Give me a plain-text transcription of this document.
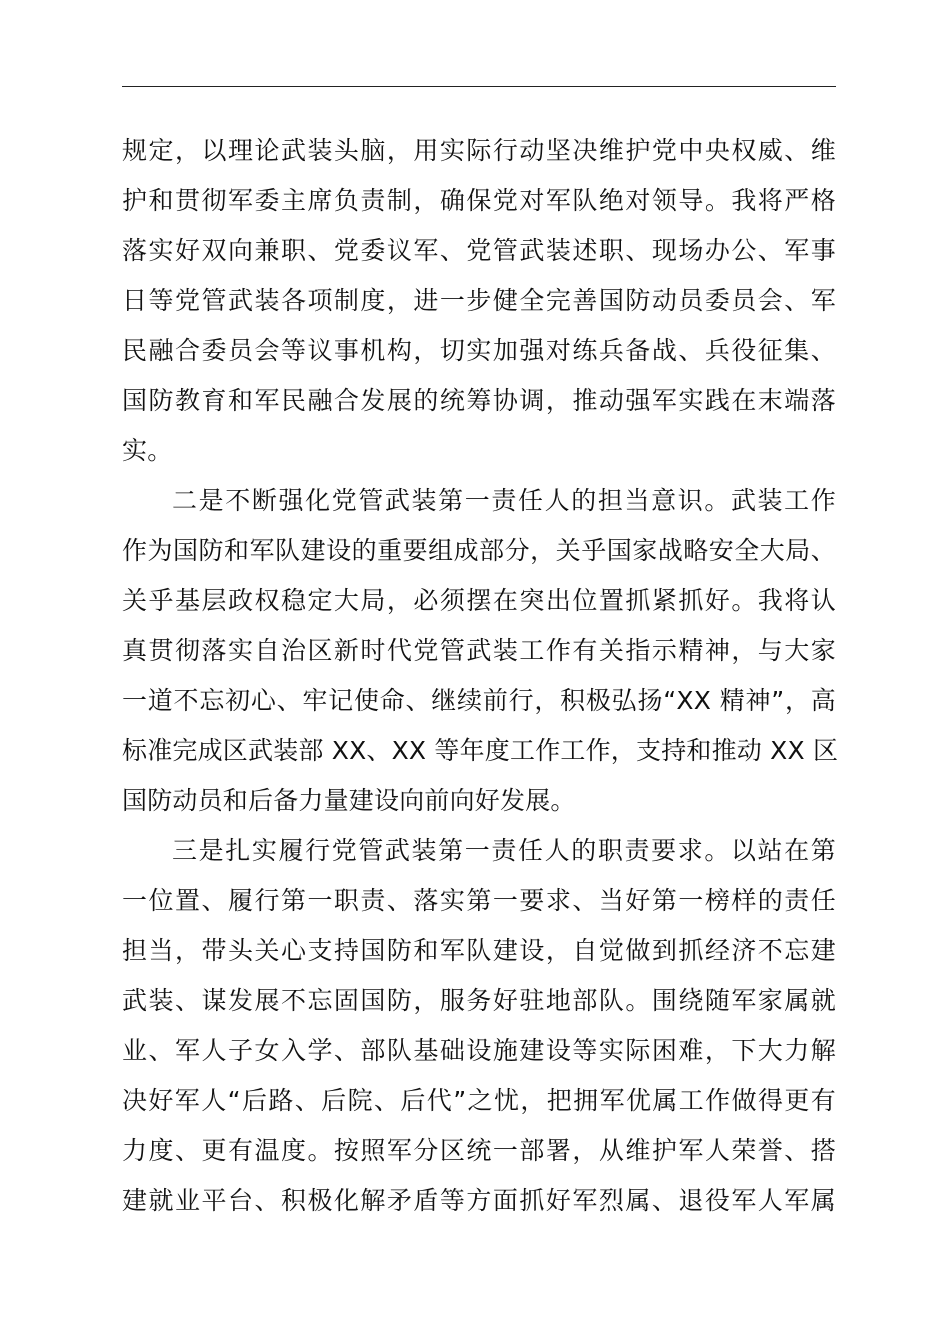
规定，以理论武装头脑，用实际行动坚决维护党中央权威、维
护和贯彻军委主席负责制，确保党对军队绝对领导。我将严格
落实好双向兼职、党委议军、党管武装述职、现场办公、军事
日等党管武装各项制度，进一步健全完善国防动员委员会、军
民融合委员会等议事机构，切实加强对练兵备战、兵役征集、
国防教育和军民融合发展的统筹协调，推动强军实践在末端落
实。
二是不断强化党管武装第一责任人的担当意识。武装工作
作为国防和军队建设的重要组成部分，关乎国家战略安全大局、
关乎基层政权稳定大局，必须摆在突出位置抓紧抓好。我将认
真贯彻落实自治区新时代党管武装工作有关指示精神，与大家
一道不忘初心、牢记使命、继续前行，积极弘扬“XX 精神”，高
标准完成区武装部 XX、XX 等年度工作工作，支持和推动 XX 区
国防动员和后备力量建设向前向好发展。
三是扎实履行党管武装第一责任人的职责要求。以站在第
一位置、履行第一职责、落实第一要求、当好第一榜样的责任
担当，带头关心支持国防和军队建设，自觉做到抓经济不忘建
武装、谋发展不忘固国防，服务好驻地部队。围绕随军家属就
业、军人子女入学、部队基础设施建设等实际困难，下大力解
决好军人“后路、后院、后代”之忧，把拥军优属工作做得更有
力度、更有温度。按照军分区统一部署，从维护军人荣誉、搭
建就业平台、积极化解矛盾等方面抓好军烈属、退役军人军属
